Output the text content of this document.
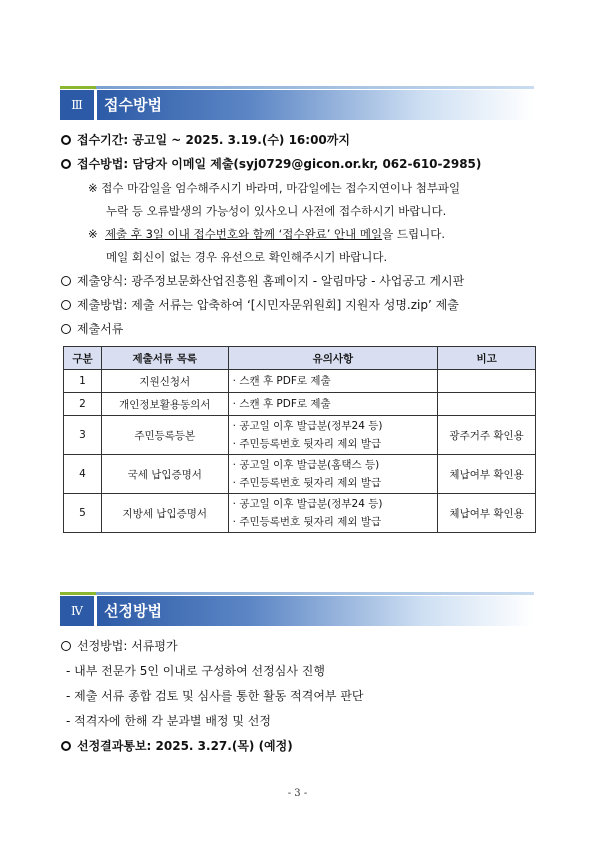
Ⅲ	접수방법
접수기간: 공고일 ~ 2025. 3.19.(수) 16:00까지
접수방법: 담당자 이메일 제출(syj0729@gicon.or.kr, 062-610-2985)
※ 접수 마감일을 엄수해주시기 바라며, 마감일에는 접수지연이나 첨부파일
누락 등 오류발생의 가능성이 있사오니 사전에 접수하시기 바랍니다.
※ 제출 후 3일 이내 접수번호와 함께 ‘접수완료’ 안내 메일을 드립니다.
메일 회신이 없는 경우 유선으로 확인해주시기 바랍니다.
제출양식: 광주정보문화산업진흥원 홈페이지 - 알림마당 - 사업공고 게시판
제출방법: 제출 서류는 압축하여 ‘[시민자문위원회] 지원자 성명.zip’ 제출
제출서류
구분	제출서류 목록	유의사항	비고
1	지원신청서	· 스캔 후 PDF로 제출	

2	개인정보활용동의서	· 스캔 후 PDF로 제출	

3	주민등록등본	· 공고일 이후 발급분(정부24 등)
· 주민등록번호 뒷자리 제외 발급	광주거주 확인용
4	국세 납입증명서	· 공고일 이후 발급분(홈택스 등)
· 주민등록번호 뒷자리 제외 발급	체납여부 확인용
5	지방세 납입증명서	· 공고일 이후 발급분(정부24 등)
· 주민등록번호 뒷자리 제외 발급	체납여부 확인용
Ⅳ	선정방법
선정방법: 서류평가
- 내부 전문가 5인 이내로 구성하여 선정심사 진행
- 제출 서류 종합 검토 및 심사를 통한 활동 적격여부 판단
- 적격자에 한해 각 분과별 배정 및 선정
선정결과통보: 2025. 3.27.(목) (예정)
- 3 -
